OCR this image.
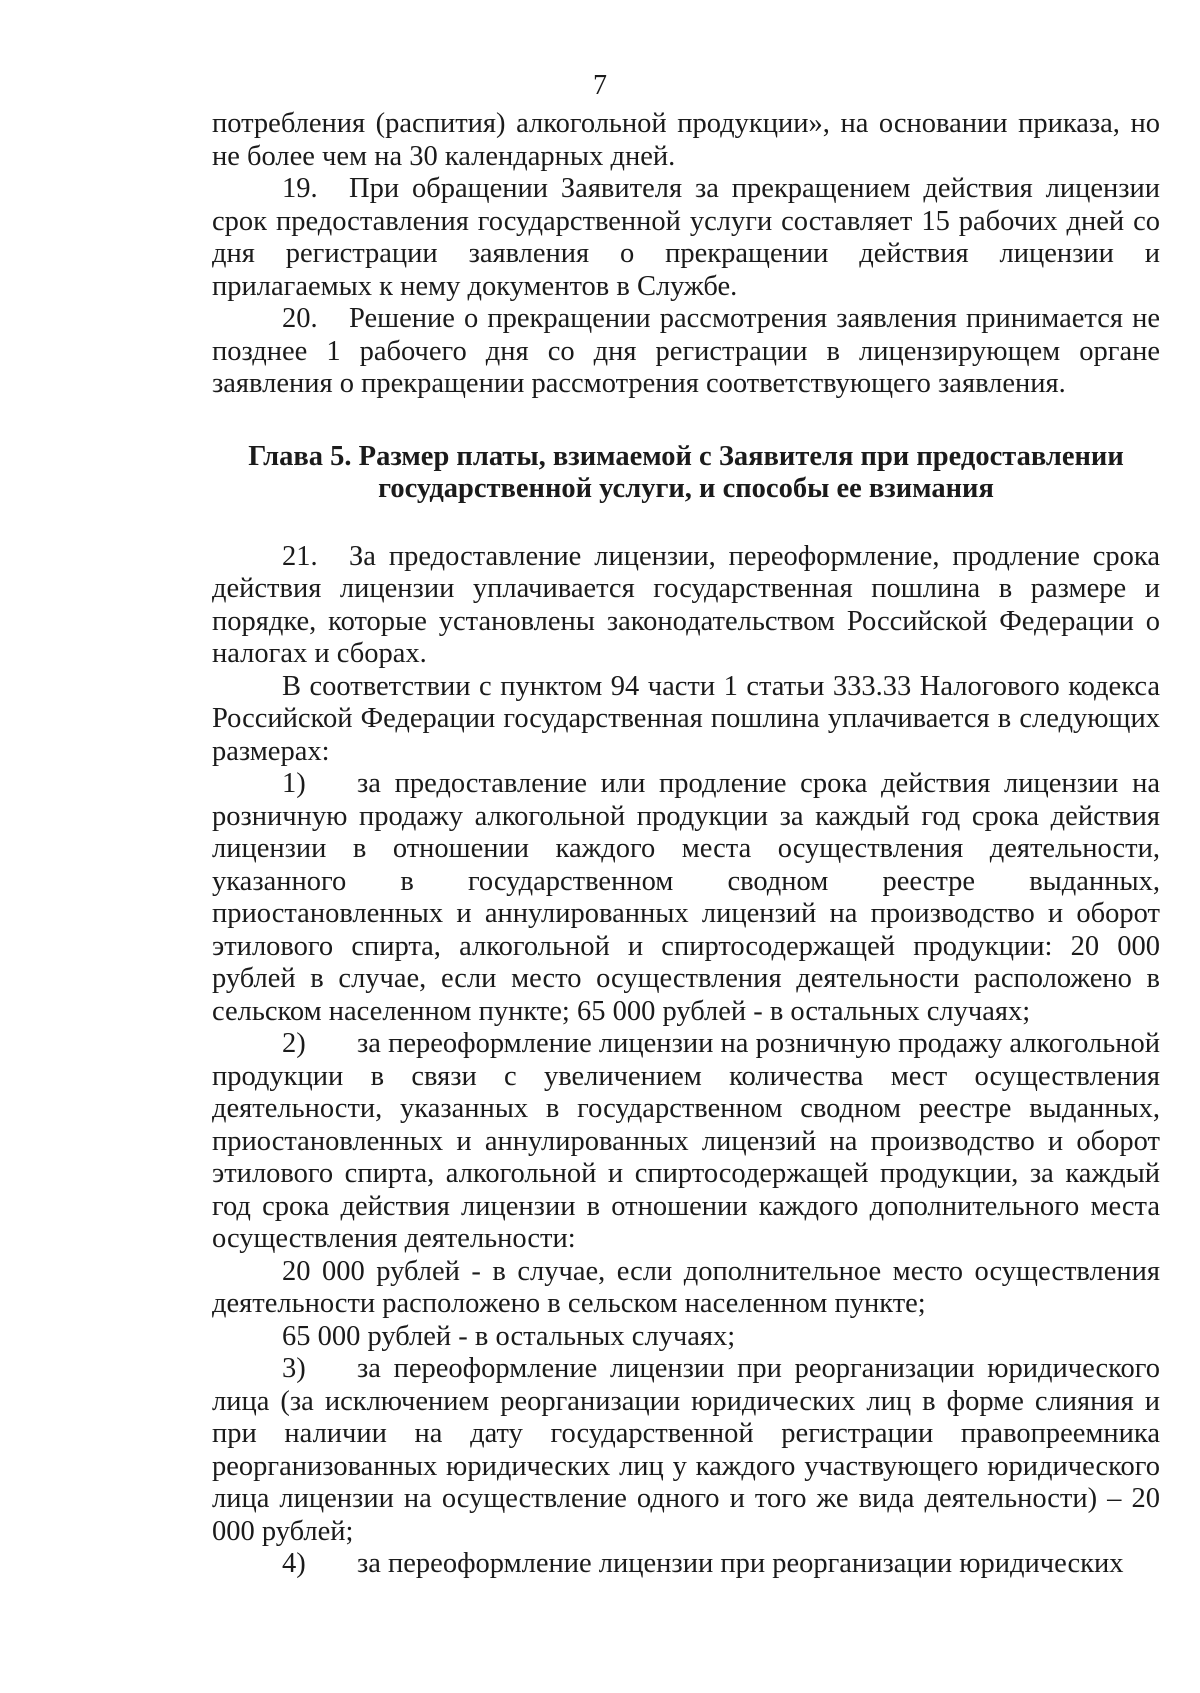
7

потребления (распития) алкогольной продукции», на основании приказа, но не более чем на 30 календарных дней.

19. При обращении Заявителя за прекращением действия лицензии срок предоставления государственной услуги составляет 15 рабочих дней со дня регистрации заявления о прекращении действия лицензии и прилагаемых к нему документов в Службе.

20. Решение о прекращении рассмотрения заявления принимается не позднее 1 рабочего дня со дня регистрации в лицензирующем органе заявления о прекращении рассмотрения соответствующего заявления.

Глава 5. Размер платы, взимаемой с Заявителя при предоставлении
государственной услуги, и способы ее взимания

21. За предоставление лицензии, переоформление, продление срока действия лицензии уплачивается государственная пошлина в размере и порядке, которые установлены законодательством Российской Федерации о налогах и сборах.

В соответствии с пунктом 94 части 1 статьи 333.33 Налогового кодекса Российской Федерации государственная пошлина уплачивается в следующих размерах:

1) за предоставление или продление срока действия лицензии на розничную продажу алкогольной продукции за каждый год срока действия лицензии в отношении каждого места осуществления деятельности, указанного в государственном сводном реестре выданных, приостановленных и аннулированных лицензий на производство и оборот этилового спирта, алкогольной и спиртосодержащей продукции: 20 000 рублей в случае, если место осуществления деятельности расположено в сельском населенном пункте; 65 000 рублей - в остальных случаях;

2) за переоформление лицензии на розничную продажу алкогольной продукции в связи с увеличением количества мест осуществления деятельности, указанных в государственном сводном реестре выданных, приостановленных и аннулированных лицензий на производство и оборот этилового спирта, алкогольной и спиртосодержащей продукции, за каждый год срока действия лицензии в отношении каждого дополнительного места осуществления деятельности:

20 000 рублей - в случае, если дополнительное место осуществления деятельности расположено в сельском населенном пункте;

65 000 рублей - в остальных случаях;

3) за переоформление лицензии при реорганизации юридического лица (за исключением реорганизации юридических лиц в форме слияния и при наличии на дату государственной регистрации правопреемника реорганизованных юридических лиц у каждого участвующего юридического лица лицензии на осуществление одного и того же вида деятельности) – 20 000 рублей;

4) за переоформление лицензии при реорганизации юридических
